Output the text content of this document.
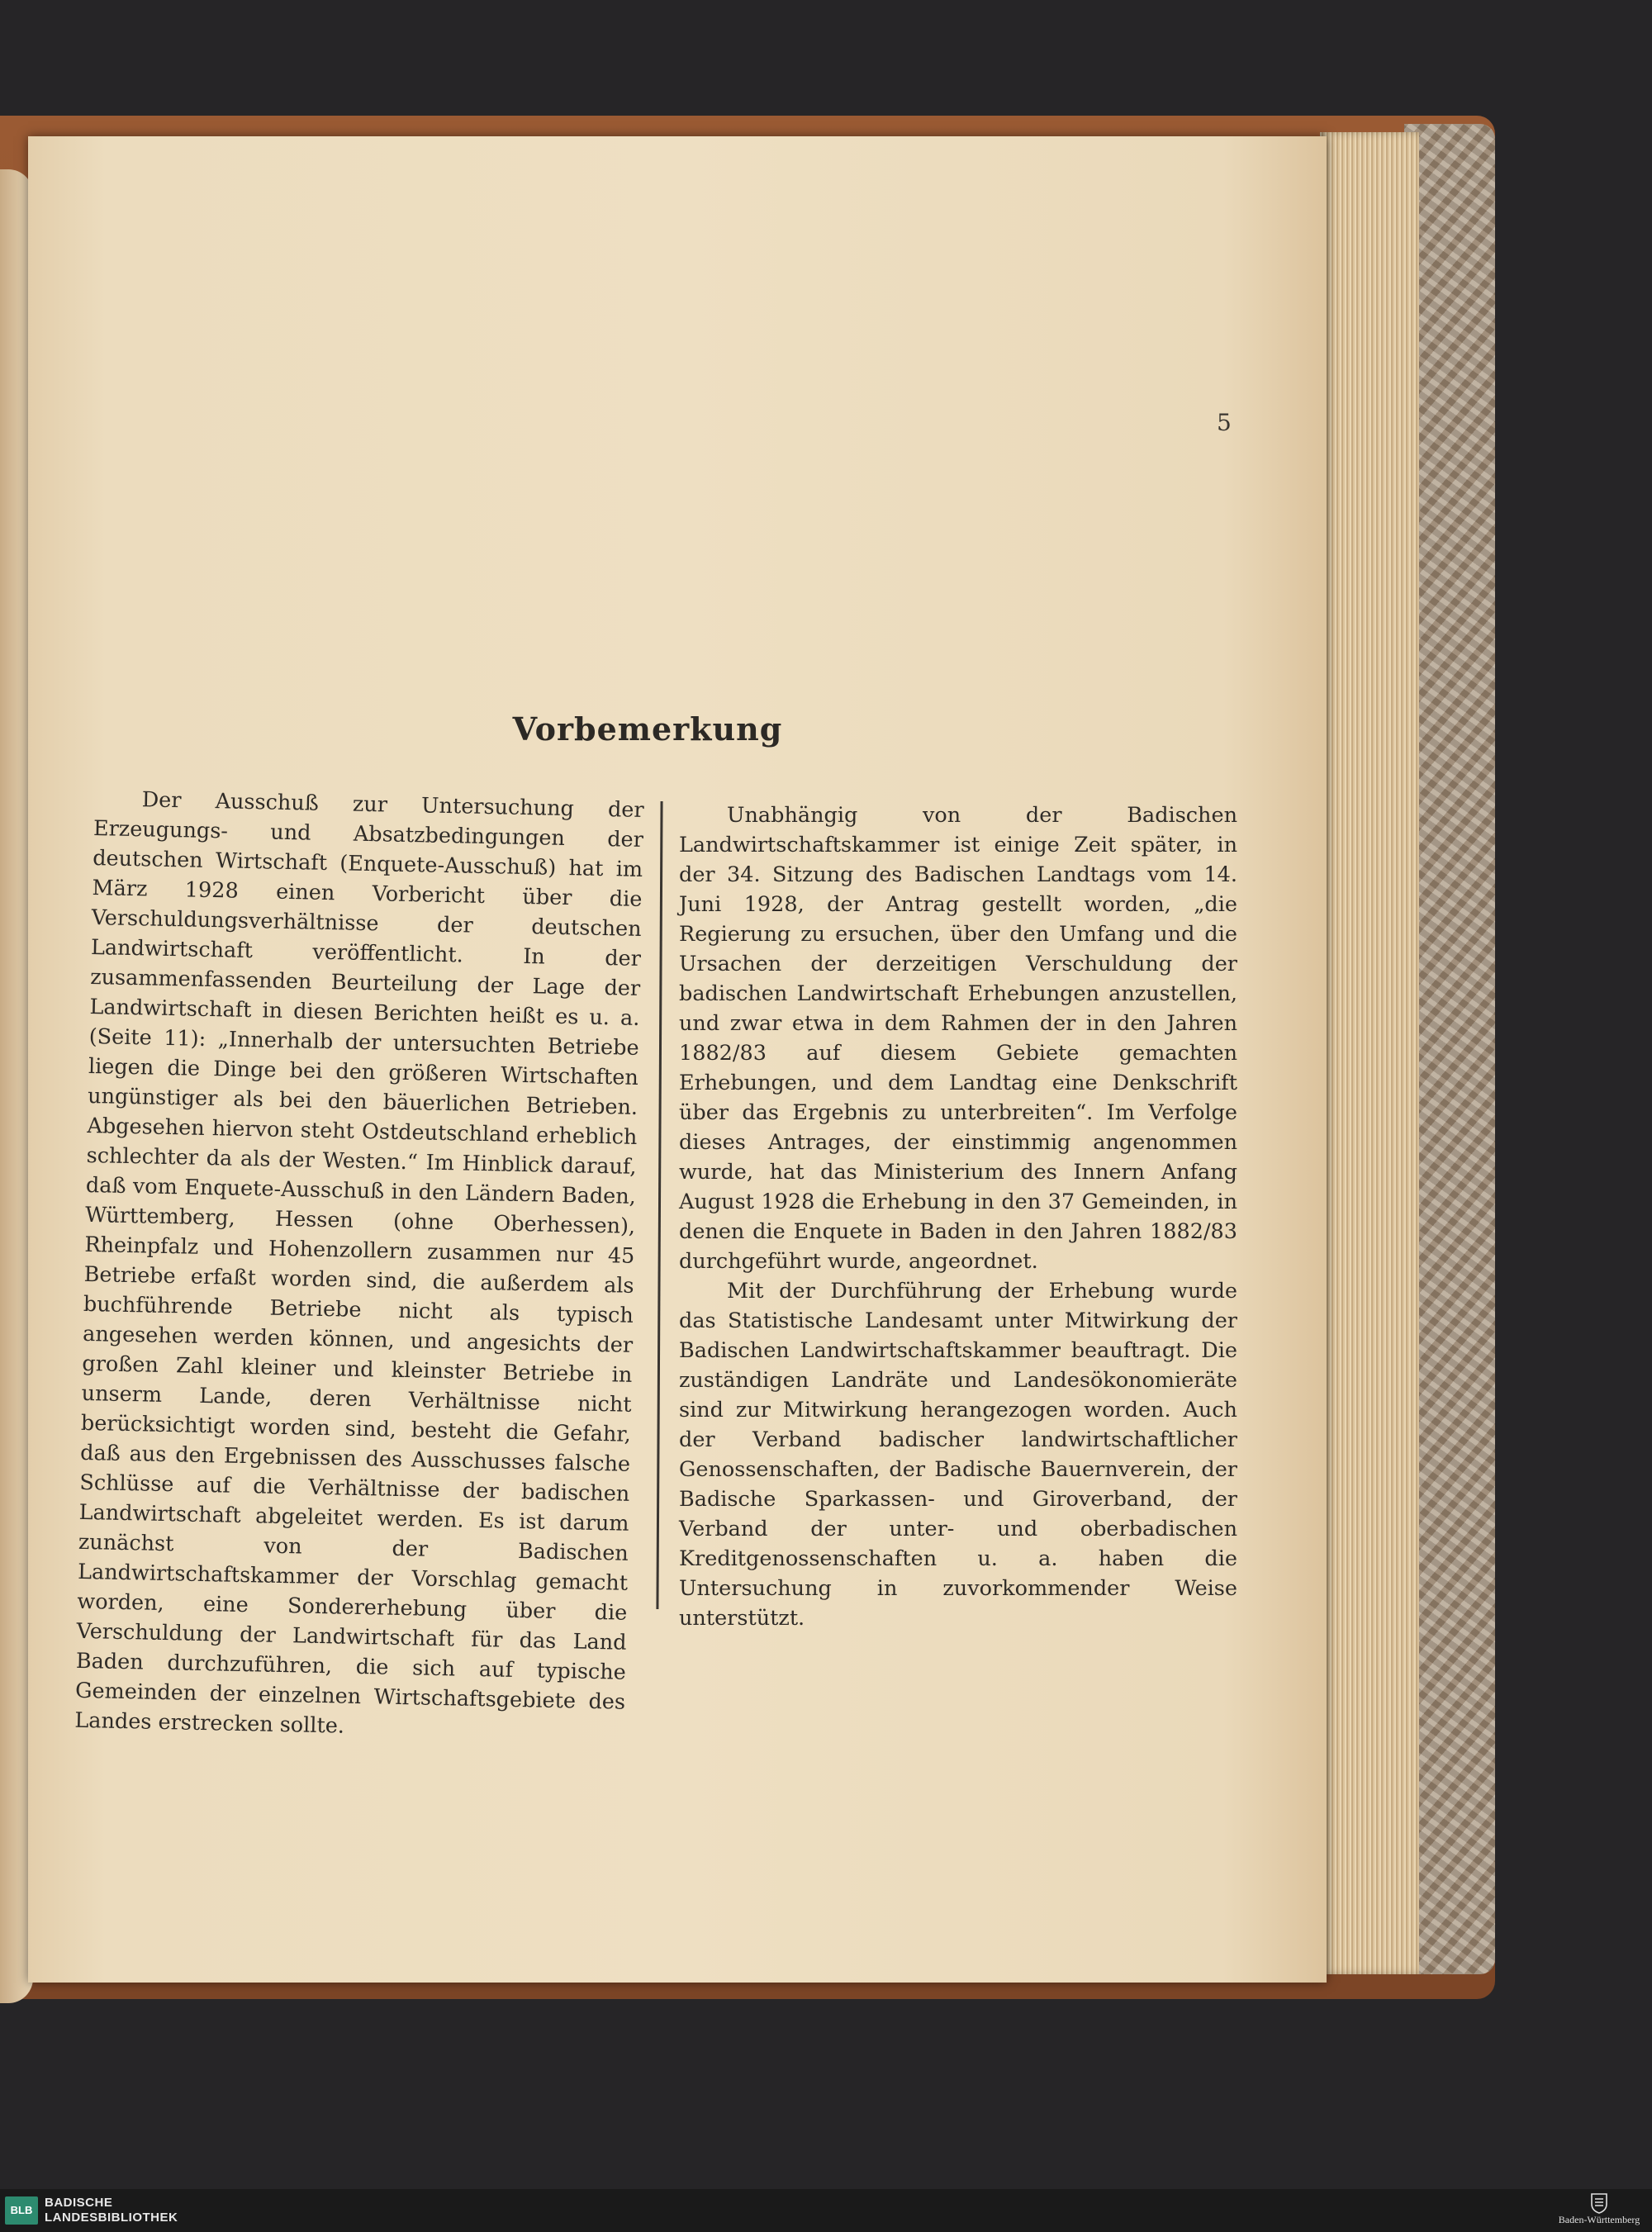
5
Vorbemerkung

Der Ausschuß zur Untersuchung der Erzeugungs- und Absatzbedingungen der deutschen Wirtschaft (Enquete-Ausschuß) hat im März 1928 einen Vorbericht über die Verschuldungsverhältnisse der deutschen Landwirtschaft veröffentlicht. In der zusammenfassenden Beurteilung der Lage der Landwirtschaft in diesen Berichten heißt es u. a. (Seite 11): „Innerhalb der untersuchten Betriebe liegen die Dinge bei den größeren Wirtschaften ungünstiger als bei den bäuerlichen Betrieben. Abgesehen hiervon steht Ostdeutschland erheblich schlechter da als der Westen.“ Im Hinblick darauf, daß vom Enquete-Ausschuß in den Ländern Baden, Württemberg, Hessen (ohne Oberhessen), Rheinpfalz und Hohenzollern zusammen nur 45 Betriebe erfaßt worden sind, die außerdem als buchführende Betriebe nicht als typisch angesehen werden können, und angesichts der großen Zahl kleiner und kleinster Betriebe in unserm Lande, deren Verhältnisse nicht berücksichtigt worden sind, besteht die Gefahr, daß aus den Ergebnissen des Ausschusses falsche Schlüsse auf die Verhältnisse der badischen Landwirtschaft abgeleitet werden. Es ist darum zunächst von der Badischen Landwirtschaftskammer der Vorschlag gemacht worden, eine Sondererhebung über die Verschuldung der Landwirtschaft für das Land Baden durchzuführen, die sich auf typische Gemeinden der einzelnen Wirtschaftsgebiete des Landes erstrecken sollte.

Unabhängig von der Badischen Landwirtschaftskammer ist einige Zeit später, in der 34. Sitzung des Badischen Landtags vom 14. Juni 1928, der Antrag gestellt worden, „die Regierung zu ersuchen, über den Umfang und die Ursachen der derzeitigen Verschuldung der badischen Landwirtschaft Erhebungen anzustellen, und zwar etwa in dem Rahmen der in den Jahren 1882/83 auf diesem Gebiete gemachten Erhebungen, und dem Landtag eine Denkschrift über das Ergebnis zu unterbreiten“. Im Verfolge dieses Antrages, der einstimmig angenommen wurde, hat das Ministerium des Innern Anfang August 1928 die Erhebung in den 37 Gemeinden, in denen die Enquete in Baden in den Jahren 1882/83 durchgeführt wurde, angeordnet.

Mit der Durchführung der Erhebung wurde das Statistische Landesamt unter Mitwirkung der Badischen Landwirtschaftskammer beauftragt. Die zuständigen Landräte und Landesökonomieräte sind zur Mitwirkung herangezogen worden. Auch der Verband badischer landwirtschaftlicher Genossenschaften, der Badische Bauernverein, der Badische Sparkassen- und Giroverband, der Verband der unter- und oberbadischen Kreditgenossenschaften u. a. haben die Untersuchung in zuvorkommender Weise unterstützt.

BLB
BADISCHE
LANDESBIBLIOTHEK	Baden-Württemberg
